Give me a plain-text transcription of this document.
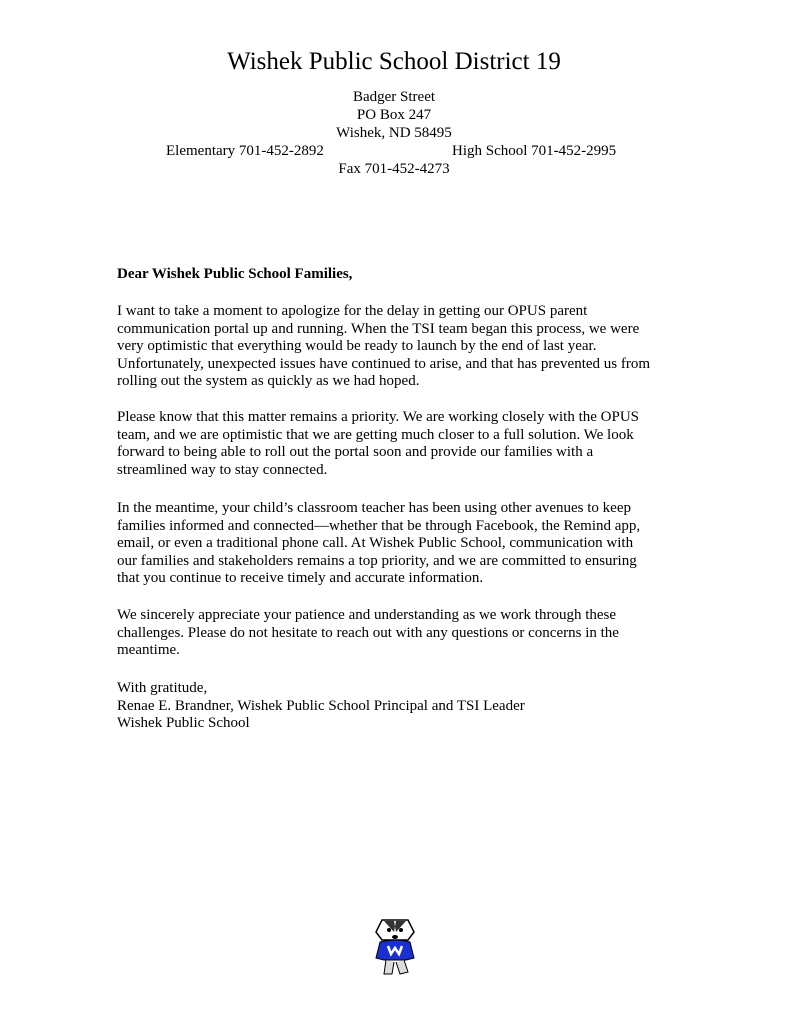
Wishek Public School District 19
Badger Street
PO Box 247
Wishek, ND 58495
Elementary 701-452-2892	High School 701-452-2995
Fax 701-452-4273
Dear Wishek Public School Families,
I want to take a moment to apologize for the delay in getting our OPUS parent
communication portal up and running. When the TSI team began this process, we were
very optimistic that everything would be ready to launch by the end of last year.
Unfortunately, unexpected issues have continued to arise, and that has prevented us from
rolling out the system as quickly as we had hoped.
Please know that this matter remains a priority. We are working closely with the OPUS
team, and we are optimistic that we are getting much closer to a full solution. We look
forward to being able to roll out the portal soon and provide our families with a
streamlined way to stay connected.
In the meantime, your child’s classroom teacher has been using other avenues to keep
families informed and connected—whether that be through Facebook, the Remind app,
email, or even a traditional phone call. At Wishek Public School, communication with
our families and stakeholders remains a top priority, and we are committed to ensuring
that you continue to receive timely and accurate information.
We sincerely appreciate your patience and understanding as we work through these
challenges. Please do not hesitate to reach out with any questions or concerns in the
meantime.
With gratitude,
Renae E. Brandner, Wishek Public School Principal and TSI Leader
Wishek Public School
